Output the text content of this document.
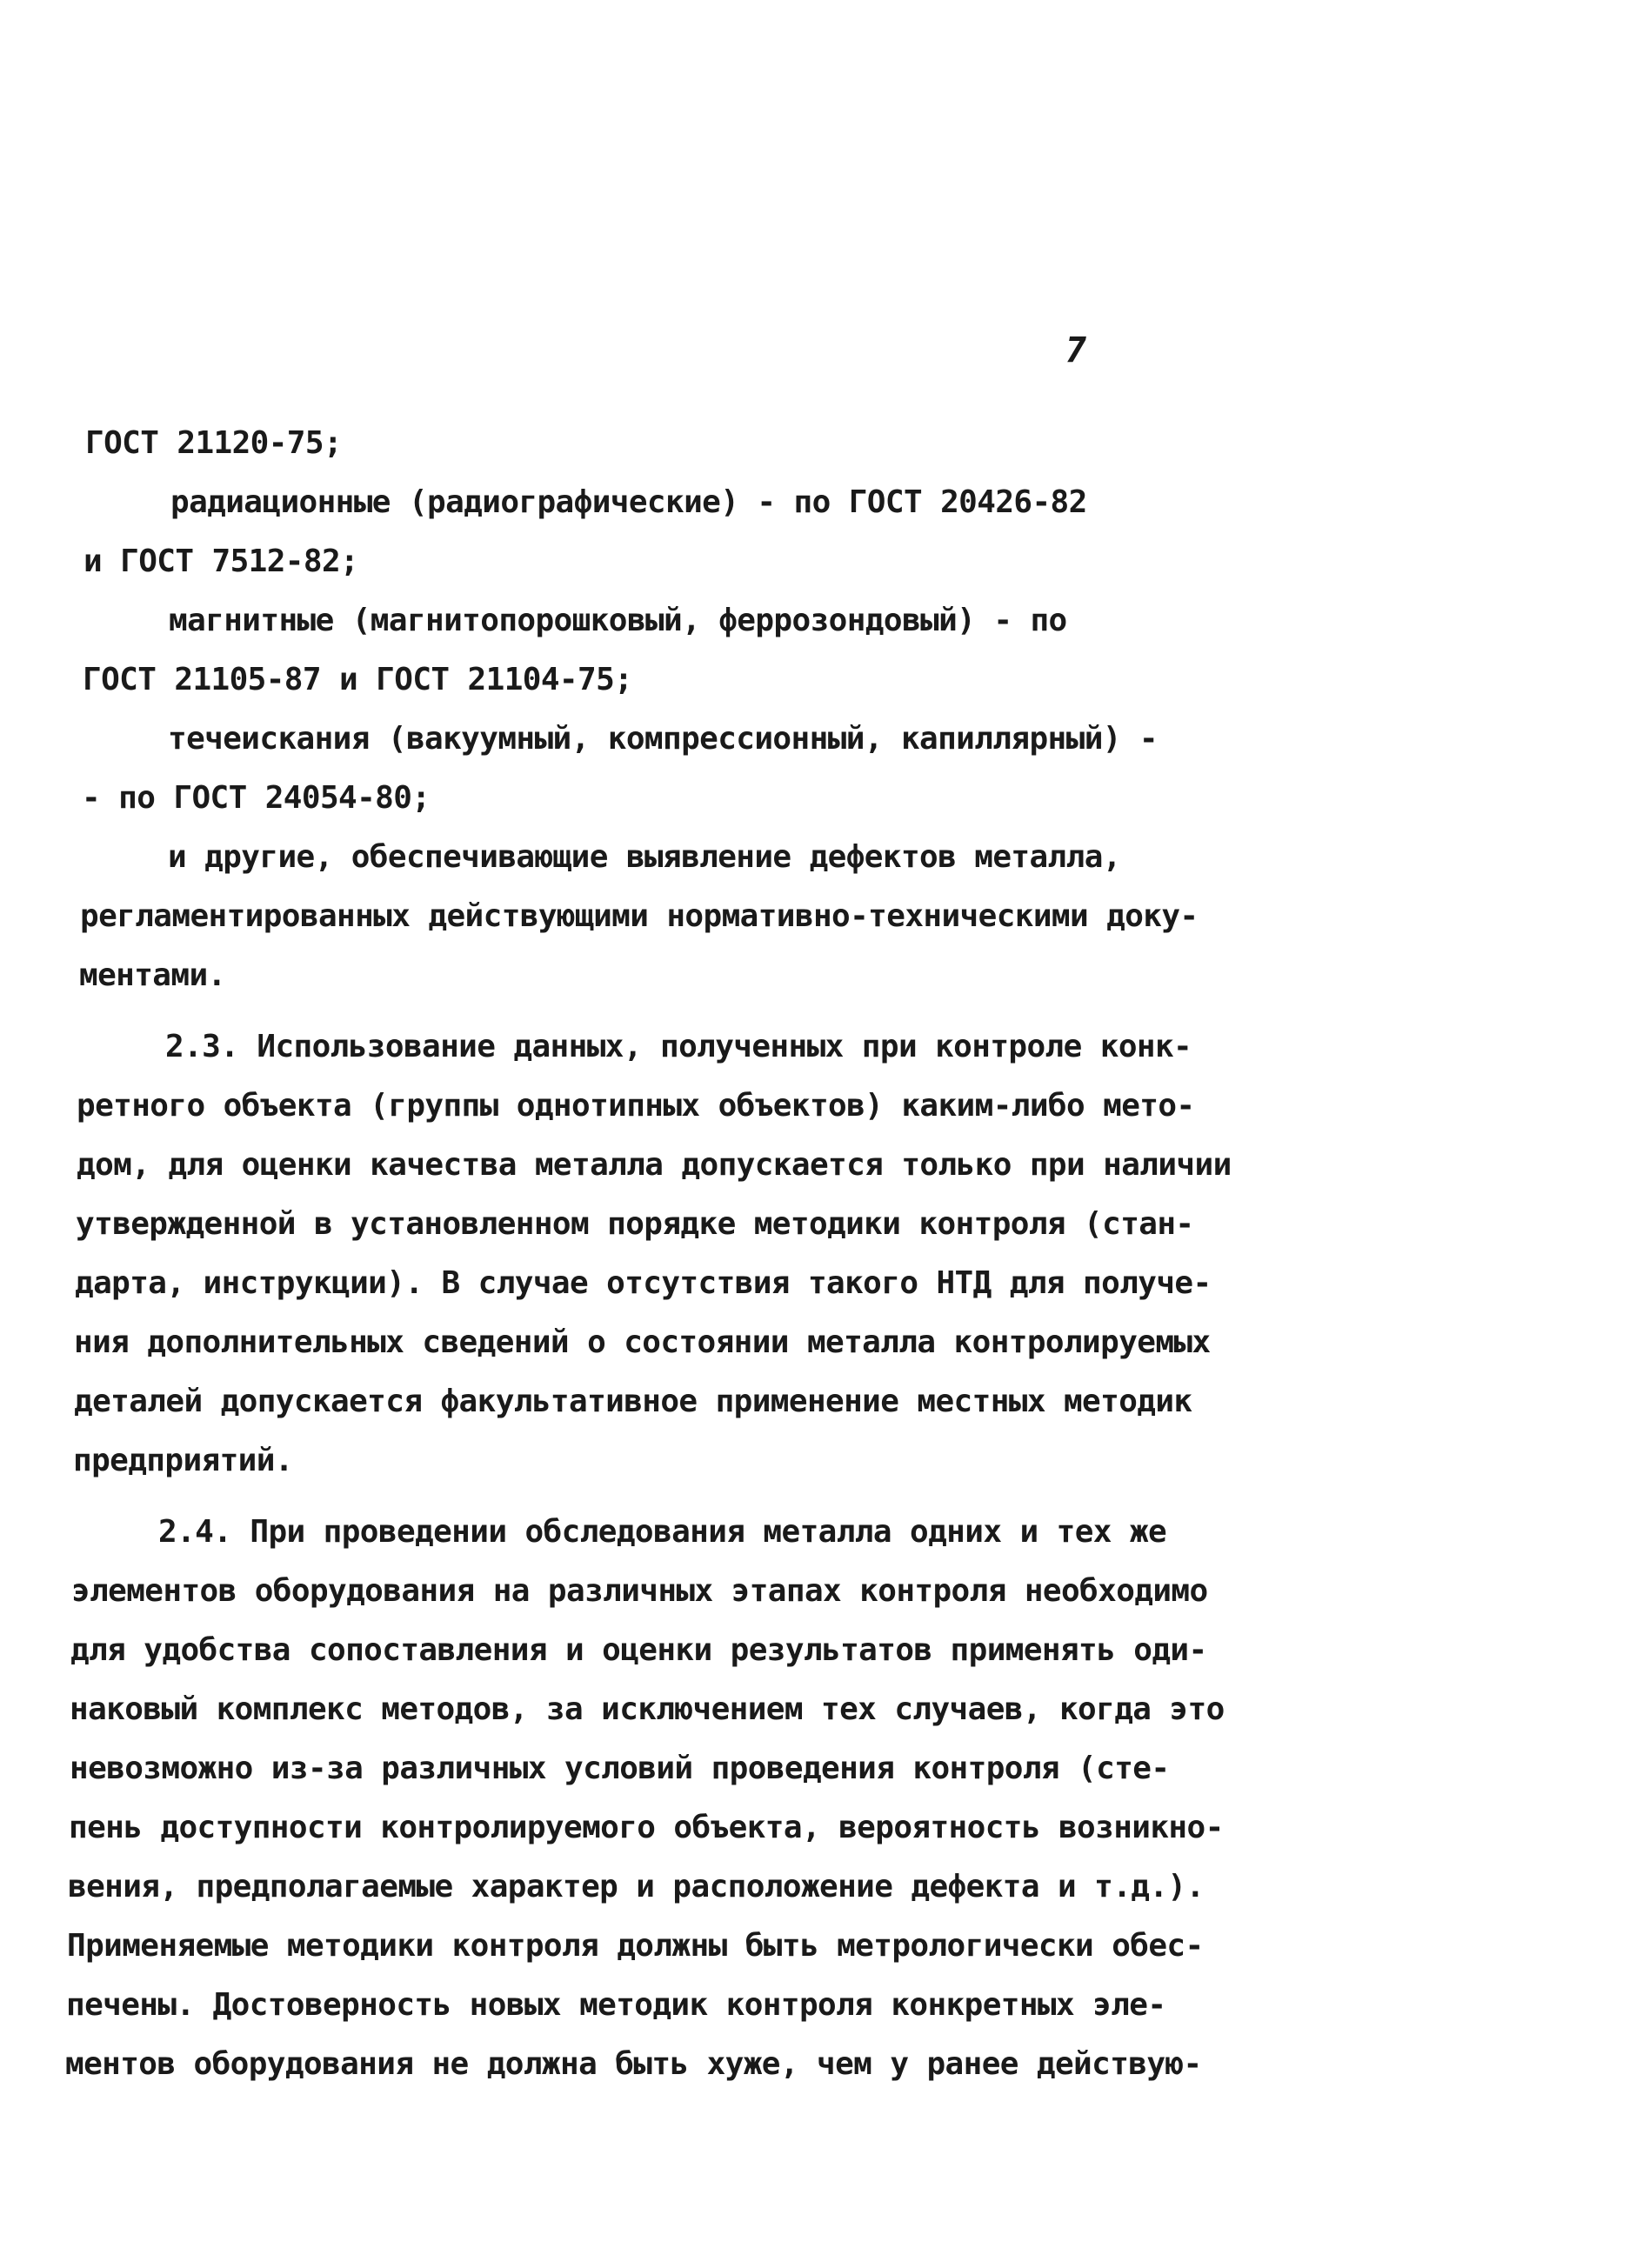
7
ГОСТ 21120-75;
радиационные (радиографические) - по ГОСТ 20426-82
и ГОСТ 7512-82;
магнитные (магнитопорошковый, феррозондовый) - по
ГОСТ 21105-87 и ГОСТ 21104-75;
течеискания (вакуумный, компрессионный, капиллярный) -
- по ГОСТ 24054-80;
и другие, обеспечивающие выявление дефектов металла,
регламентированных действующими нормативно-техническими доку-
ментами.
2.3. Использование данных, полученных при контроле конк-
ретного объекта (группы однотипных объектов) каким-либо мето-
дом, для оценки качества металла допускается только при наличии
утвержденной в установленном порядке методики контроля (стан-
дарта, инструкции). В случае отсутствия такого НТД для получе-
ния дополнительных сведений о состоянии металла контролируемых
деталей допускается факультативное применение местных методик
предприятий.
2.4. При проведении обследования металла одних и тех же
элементов оборудования на различных этапах контроля необходимо
для удобства сопоставления и оценки результатов применять оди-
наковый комплекс методов, за исключением тех случаев, когда это
невозможно из-за различных условий проведения контроля (сте-
пень доступности контролируемого объекта, вероятность возникно-
вения, предполагаемые характер и расположение дефекта и т.д.).
Применяемые методики контроля должны быть метрологически обес-
печены. Достоверность новых методик контроля конкретных эле-
ментов оборудования не должна быть хуже, чем у ранее действую-
